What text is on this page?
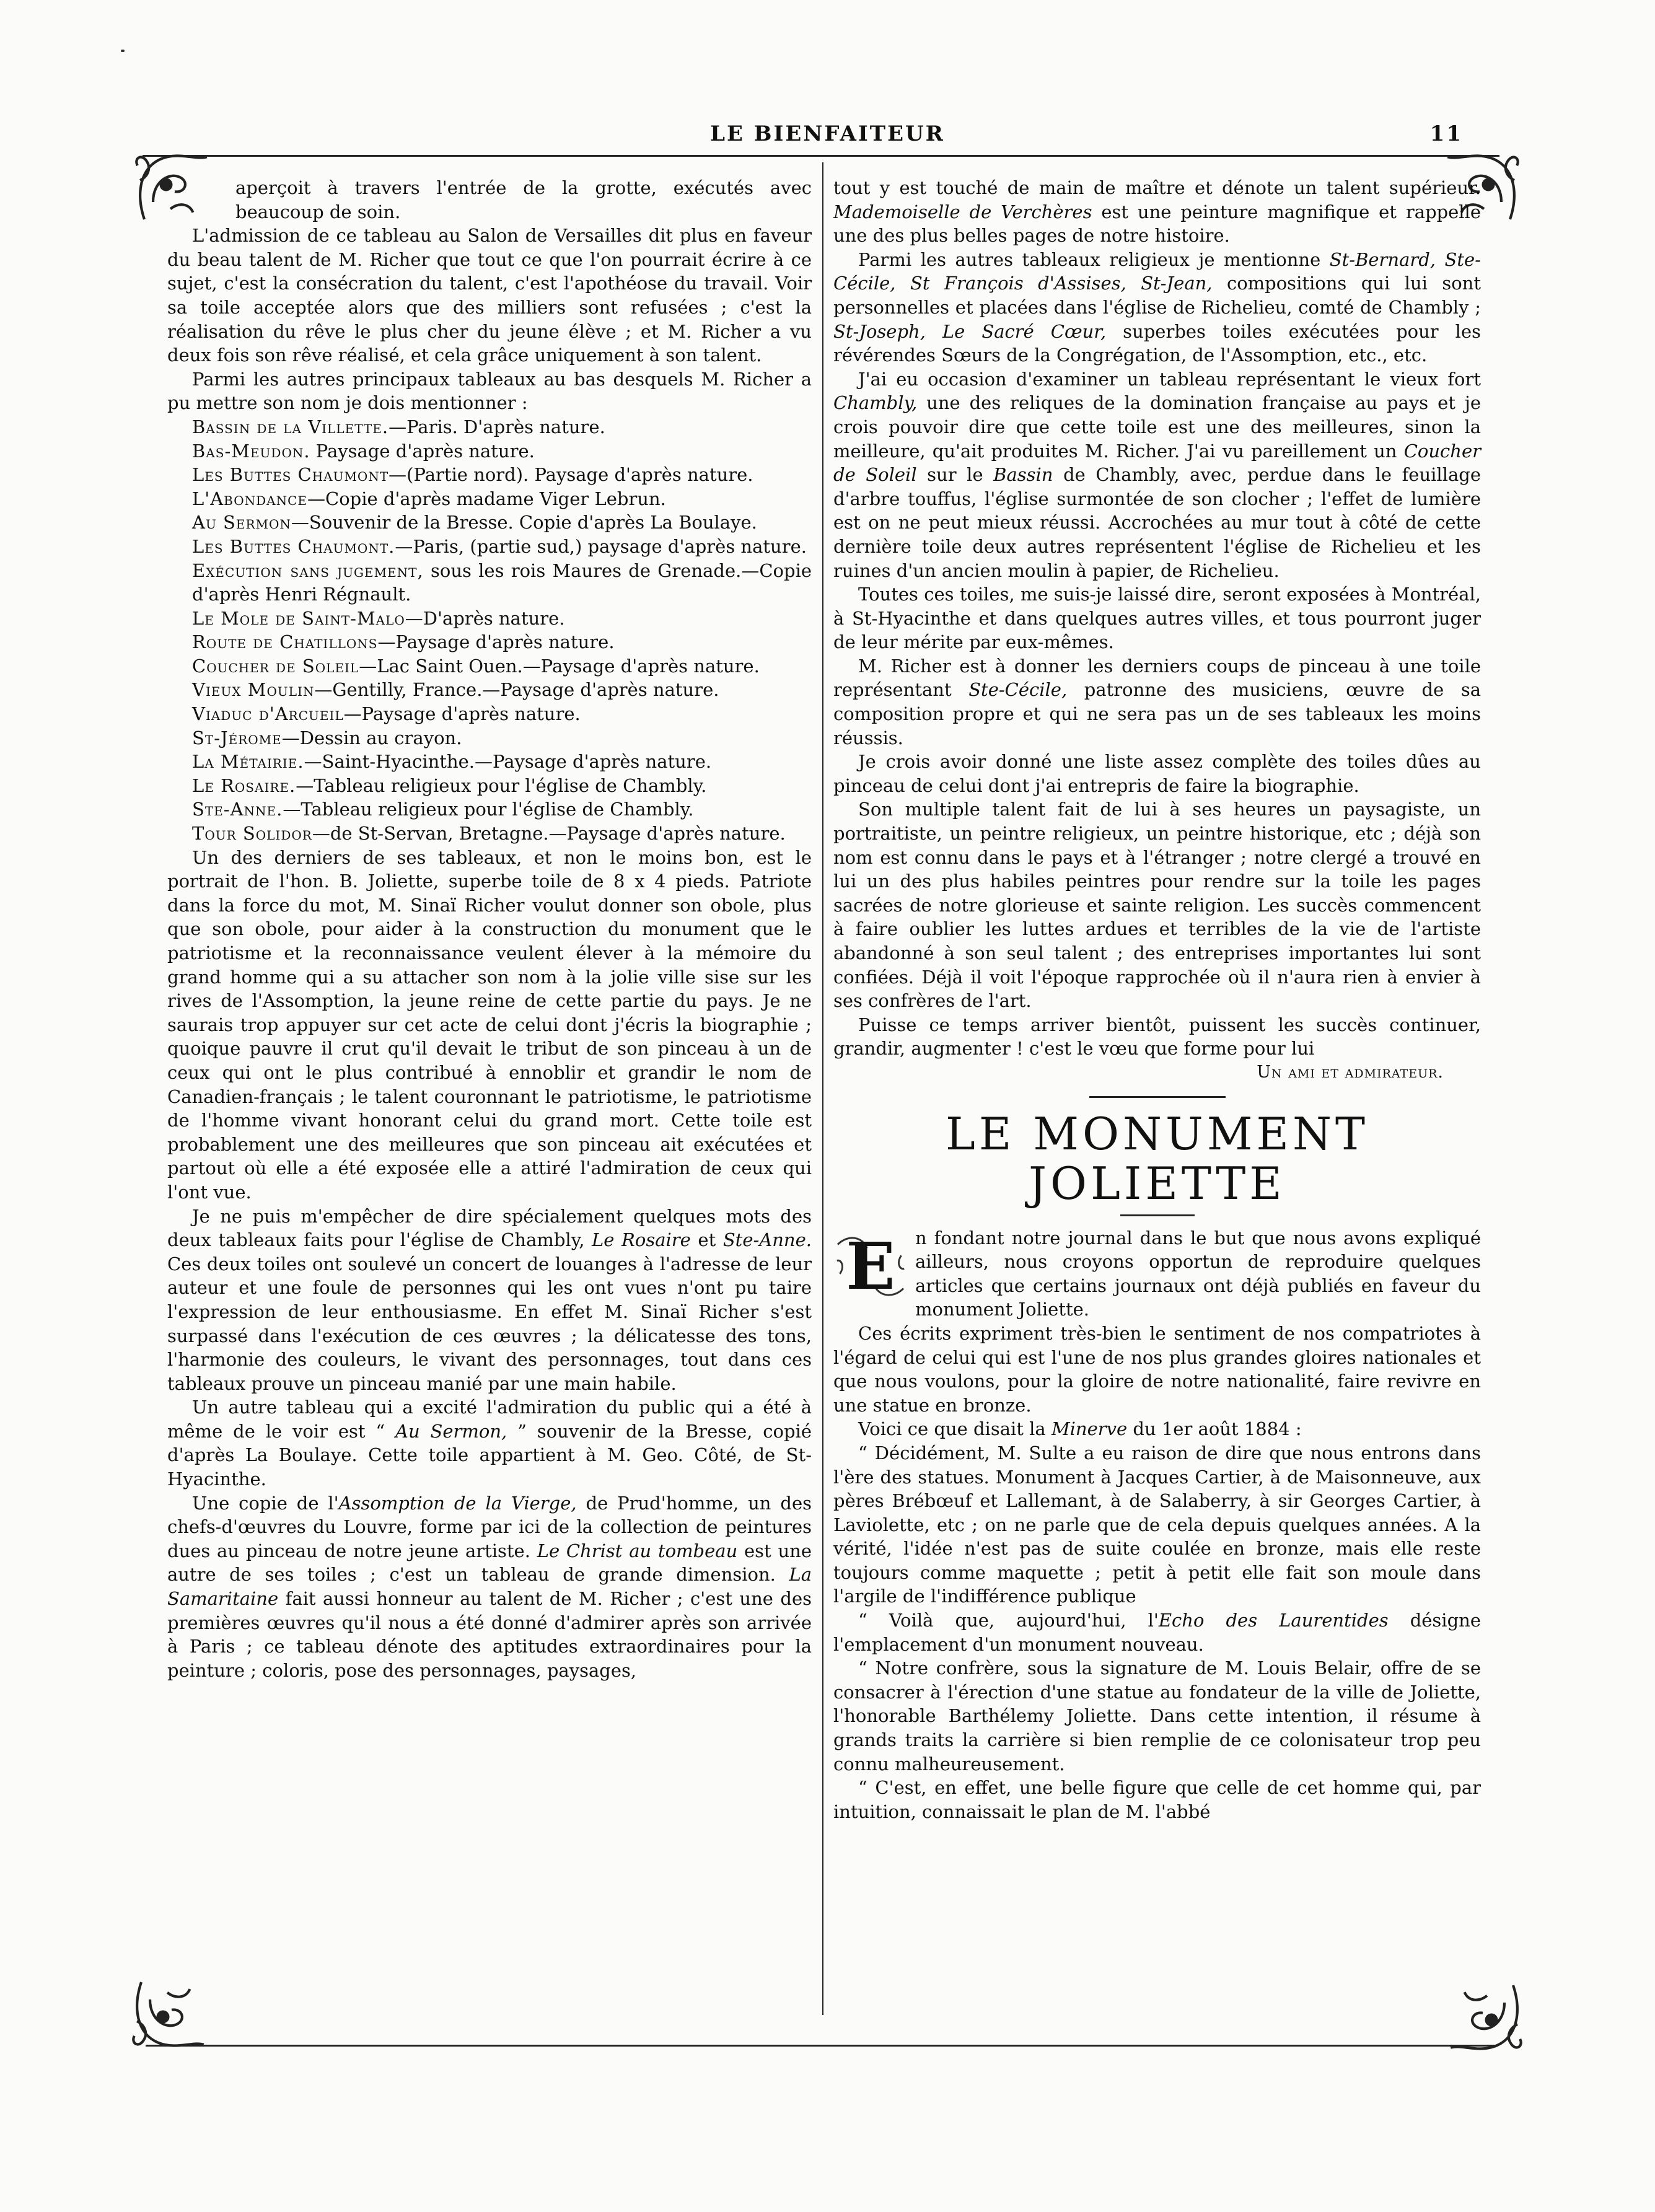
LE BIENFAITEUR	11

aperçoit à travers l'entrée de la grotte, exécutés avec beaucoup de soin.

L'admission de ce tableau au Salon de Versailles dit plus en faveur du beau talent de M. Richer que tout ce que l'on pourrait écrire à ce sujet, c'est la consécration du talent, c'est l'apothéose du travail. Voir sa toile acceptée alors que des milliers sont refusées ; c'est la réalisation du rêve le plus cher du jeune élève ; et M. Richer a vu deux fois son rêve réalisé, et cela grâce uniquement à son talent.

Parmi les autres principaux tableaux au bas desquels M. Richer a pu mettre son nom je dois mentionner :

Bassin de la Villette.—Paris. D'après nature.

Bas-Meudon. Paysage d'après nature.

Les Buttes Chaumont—(Partie nord). Paysage d'après nature.

L'Abondance—Copie d'après madame Viger Lebrun.

Au Sermon—Souvenir de la Bresse. Copie d'après La Boulaye.

Les Buttes Chaumont.—Paris, (partie sud,) paysage d'après nature.

Exécution sans jugement, sous les rois Maures de Grenade.—Copie d'après Henri Régnault.

Le Mole de Saint-Malo—D'après nature.

Route de Chatillons—Paysage d'après nature.

Coucher de Soleil—Lac Saint Ouen.—Paysage d'après nature.

Vieux Moulin—Gentilly, France.—Paysage d'après nature.

Viaduc d'Arcueil—Paysage d'après nature.

St-Jérome—Dessin au crayon.

La Métairie.—Saint-Hyacinthe.—Paysage d'après nature.

Le Rosaire.—Tableau religieux pour l'église de Chambly.

Ste-Anne.—Tableau religieux pour l'église de Chambly.

Tour Solidor—de St-Servan, Bretagne.—Paysage d'après nature.

Un des derniers de ses tableaux, et non le moins bon, est le portrait de l'hon. B. Joliette, superbe toile de 8 x 4 pieds. Patriote dans la force du mot, M. Sinaï Richer voulut donner son obole, plus que son obole, pour aider à la construction du monument que le patriotisme et la reconnaissance veulent élever à la mémoire du grand homme qui a su attacher son nom à la jolie ville sise sur les rives de l'Assomption, la jeune reine de cette partie du pays. Je ne saurais trop appuyer sur cet acte de celui dont j'écris la biographie ; quoique pauvre il crut qu'il devait le tribut de son pinceau à un de ceux qui ont le plus contribué à ennoblir et grandir le nom de Canadien-français ; le talent couronnant le patriotisme, le patriotisme de l'homme vivant honorant celui du grand mort. Cette toile est probablement une des meilleures que son pinceau ait exécutées et partout où elle a été exposée elle a attiré l'admiration de ceux qui l'ont vue.

Je ne puis m'empêcher de dire spécialement quelques mots des deux tableaux faits pour l'église de Chambly, Le Rosaire et Ste-Anne. Ces deux toiles ont soulevé un concert de louanges à l'adresse de leur auteur et une foule de personnes qui les ont vues n'ont pu taire l'expression de leur enthousiasme. En effet M. Sinaï Richer s'est surpassé dans l'exécution de ces œuvres ; la délicatesse des tons, l'harmonie des couleurs, le vivant des personnages, tout dans ces tableaux prouve un pinceau manié par une main habile.

Un autre tableau qui a excité l'admiration du public qui a été à même de le voir est “ Au Sermon, ” souvenir de la Bresse, copié d'après La Boulaye. Cette toile appartient à M. Geo. Côté, de St-Hyacinthe.

Une copie de l'Assomption de la Vierge, de Prud'homme, un des chefs-d'œuvres du Louvre, forme par ici de la collection de peintures dues au pinceau de notre jeune artiste. Le Christ au tombeau est une autre de ses toiles ; c'est un tableau de grande dimension. La Samaritaine fait aussi honneur au talent de M. Richer ; c'est une des premières œuvres qu'il nous a été donné d'admirer après son arrivée à Paris ; ce tableau dénote des aptitudes extraordinaires pour la peinture ; coloris, pose des personnages, paysages,

tout y est touché de main de maître et dénote un talent supérieur. Mademoiselle de Verchères est une peinture magnifique et rappelle une des plus belles pages de notre histoire.

Parmi les autres tableaux religieux je mentionne St-Bernard, Ste-Cécile, St François d'Assises, St-Jean, compositions qui lui sont personnelles et placées dans l'église de Richelieu, comté de Chambly ; St-Joseph, Le Sacré Cœur, superbes toiles exécutées pour les révérendes Sœurs de la Congrégation, de l'Assomption, etc., etc.

J'ai eu occasion d'examiner un tableau représentant le vieux fort Chambly, une des reliques de la domination française au pays et je crois pouvoir dire que cette toile est une des meilleures, sinon la meilleure, qu'ait produites M. Richer. J'ai vu pareillement un Coucher de Soleil sur le Bassin de Chambly, avec, perdue dans le feuillage d'arbre touffus, l'église surmontée de son clocher ; l'effet de lumière est on ne peut mieux réussi. Accrochées au mur tout à côté de cette dernière toile deux autres représentent l'église de Richelieu et les ruines d'un ancien moulin à papier, de Richelieu.

Toutes ces toiles, me suis-je laissé dire, seront exposées à Montréal, à St-Hyacinthe et dans quelques autres villes, et tous pourront juger de leur mérite par eux-mêmes.

M. Richer est à donner les derniers coups de pinceau à une toile représentant Ste-Cécile, patronne des musiciens, œuvre de sa composition propre et qui ne sera pas un de ses tableaux les moins réussis.

Je crois avoir donné une liste assez complète des toiles dûes au pinceau de celui dont j'ai entrepris de faire la biographie.

Son multiple talent fait de lui à ses heures un paysagiste, un portraitiste, un peintre religieux, un peintre historique, etc ; déjà son nom est connu dans le pays et à l'étranger ; notre clergé a trouvé en lui un des plus habiles peintres pour rendre sur la toile les pages sacrées de notre glorieuse et sainte religion. Les succès commencent à faire oublier les luttes ardues et terribles de la vie de l'artiste abandonné à son seul talent ; des entreprises importantes lui sont confiées. Déjà il voit l'époque rapprochée où il n'aura rien à envier à ses confrères de l'art.

Puisse ce temps arriver bientôt, puissent les succès continuer, grandir, augmenter ! c'est le vœu que forme pour lui

Un ami et admirateur.

LE MONUMENT JOLIETTE
E	n fondant notre journal dans le but que nous avons expliqué ailleurs, nous croyons opportun de reproduire quelques articles que certains journaux ont déjà publiés en faveur du monument Joliette.

Ces écrits expriment très-bien le sentiment de nos compatriotes à l'égard de celui qui est l'une de nos plus grandes gloires nationales et que nous voulons, pour la gloire de notre nationalité, faire revivre en une statue en bronze.

Voici ce que disait la Minerve du 1er août 1884 :

“ Décidément, M. Sulte a eu raison de dire que nous entrons dans l'ère des statues. Monument à Jacques Cartier, à de Maisonneuve, aux pères Brébœuf et Lallemant, à de Salaberry, à sir Georges Cartier, à Laviolette, etc ; on ne parle que de cela depuis quelques années. A la vérité, l'idée n'est pas de suite coulée en bronze, mais elle reste toujours comme maquette ; petit à petit elle fait son moule dans l'argile de l'indifférence publique

“ Voilà que, aujourd'hui, l'Echo des Laurentides désigne l'emplacement d'un monument nouveau.

“ Notre confrère, sous la signature de M. Louis Belair, offre de se consacrer à l'érection d'une statue au fondateur de la ville de Joliette, l'honorable Barthélemy Joliette. Dans cette intention, il résume à grands traits la carrière si bien remplie de ce colonisateur trop peu connu malheureusement.

“ C'est, en effet, une belle figure que celle de cet homme qui, par intuition, connaissait le plan de M. l'abbé
